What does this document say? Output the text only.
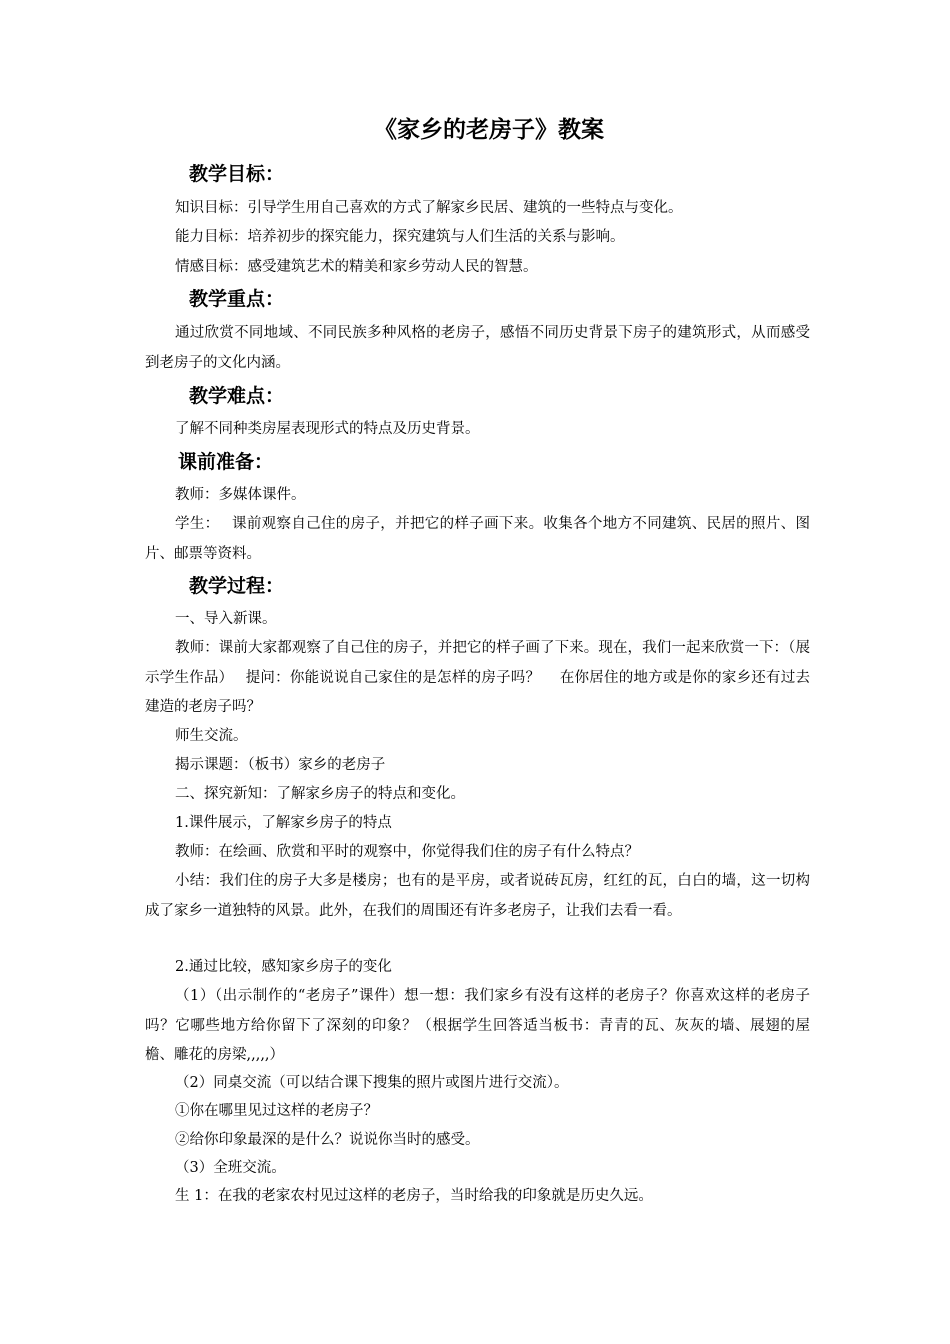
《家乡的老房子》教案
教学目标：
知识目标：引导学生用自己喜欢的方式了解家乡民居、建筑的一些特点与变化。
能力目标：培养初步的探究能力，探究建筑与人们生活的关系与影响。
情感目标：感受建筑艺术的精美和家乡劳动人民的智慧。
教学重点：
通过欣赏不同地域、不同民族多种风格的老房子，感悟不同历史背景下房子的建筑形式，从而感受到老房子的文化内涵。
教学难点：
了解不同种类房屋表现形式的特点及历史背景。
课前准备：
教师：多媒体课件。
学生：　 课前观察自己住的房子，并把它的样子画下来。收集各个地方不同建筑、民居的照片、图片、邮票等资料。
教学过程：
一、导入新课。
教师：课前大家都观察了自己住的房子，并把它的样子画了下来。现在，我们一起来欣赏一下：（展示学生作品）　 提问：你能说说自己家住的是怎样的房子吗？　 在你居住的地方或是你的家乡还有过去建造的老房子吗？
师生交流。
揭示课题：（板书）家乡的老房子
二、探究新知：了解家乡房子的特点和变化。
1.课件展示，了解家乡房子的特点
教师：在绘画、欣赏和平时的观察中，你觉得我们住的房子有什么特点？
小结：我们住的房子大多是楼房；也有的是平房，或者说砖瓦房，红红的瓦，白白的墙，这一切构成了家乡一道独特的风景。此外，在我们的周围还有许多老房子，让我们去看一看。
2.通过比较，感知家乡房子的变化
（1）（出示制作的“老房子”课件）想一想：我们家乡有没有这样的老房子？你喜欢这样的老房子吗？它哪些地方给你留下了深刻的印象？（根据学生回答适当板书：青青的瓦、灰灰的墙、展翅的屋檐、雕花的房梁,,,,,）
（2）同桌交流（可以结合课下搜集的照片或图片进行交流）。
①你在哪里见过这样的老房子？
②给你印象最深的是什么？说说你当时的感受。
（3）全班交流。
生 1：在我的老家农村见过这样的老房子，当时给我的印象就是历史久远。
